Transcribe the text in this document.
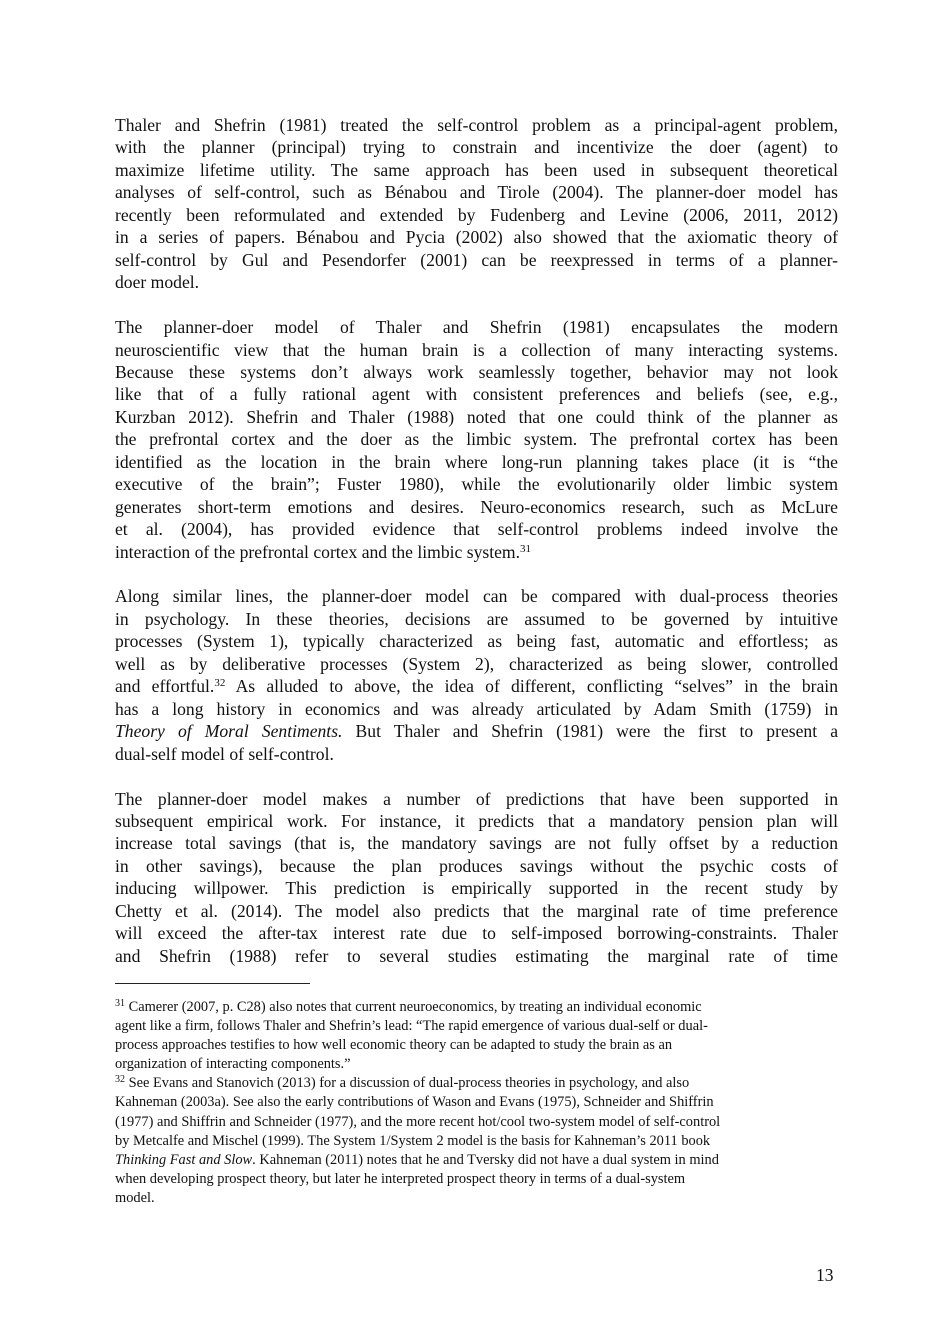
Thaler and Shefrin (1981) treated the self-control problem as a principal-agent problem,
with the planner (principal) trying to constrain and incentivize the doer (agent) to
maximize lifetime utility. The same approach has been used in subsequent theoretical
analyses of self-control, such as Bénabou and Tirole (2004). The planner-doer model has
recently been reformulated and extended by Fudenberg and Levine (2006, 2011, 2012)
in a series of papers. Bénabou and Pycia (2002) also showed that the axiomatic theory of
self-control by Gul and Pesendorfer (2001) can be reexpressed in terms of a planner-
doer model.
The planner-doer model of Thaler and Shefrin (1981) encapsulates the modern
neuroscientific view that the human brain is a collection of many interacting systems.
Because these systems don’t always work seamlessly together, behavior may not look
like that of a fully rational agent with consistent preferences and beliefs (see, e.g.,
Kurzban 2012). Shefrin and Thaler (1988) noted that one could think of the planner as
the prefrontal cortex and the doer as the limbic system. The prefrontal cortex has been
identified as the location in the brain where long-run planning takes place (it is “the
executive of the brain”; Fuster 1980), while the evolutionarily older limbic system
generates short-term emotions and desires. Neuro-economics research, such as McLure
et al. (2004), has provided evidence that self-control problems indeed involve the
interaction of the prefrontal cortex and the limbic system.$^{31}$
Along similar lines, the planner-doer model can be compared with dual-process theories
in psychology. In these theories, decisions are assumed to be governed by intuitive
processes (System 1), typically characterized as being fast, automatic and effortless; as
well as by deliberative processes (System 2), characterized as being slower, controlled
and effortful.$^{32}$ As alluded to above, the idea of different, conflicting “selves” in the brain
has a long history in economics and was already articulated by Adam Smith (1759) in
Theory of Moral Sentiments. But Thaler and Shefrin (1981) were the first to present a
dual-self model of self-control.
The planner-doer model makes a number of predictions that have been supported in
subsequent empirical work. For instance, it predicts that a mandatory pension plan will
increase total savings (that is, the mandatory savings are not fully offset by a reduction
in other savings), because the plan produces savings without the psychic costs of
inducing willpower. This prediction is empirically supported in the recent study by
Chetty et al. (2014). The model also predicts that the marginal rate of time preference
will exceed the after-tax interest rate due to self-imposed borrowing-constraints. Thaler
and Shefrin (1988) refer to several studies estimating the marginal rate of time
$^{31}$ Camerer (2007, p. C28) also notes that current neuroeconomics, by treating an individual economic
agent like a firm, follows Thaler and Shefrin’s lead: “The rapid emergence of various dual-self or dual-
process approaches testifies to how well economic theory can be adapted to study the brain as an
organization of interacting components.”
$^{32}$ See Evans and Stanovich (2013) for a discussion of dual-process theories in psychology, and also
Kahneman (2003a). See also the early contributions of Wason and Evans (1975), Schneider and Shiffrin
(1977) and Shiffrin and Schneider (1977), and the more recent hot/cool two-system model of self-control
by Metcalfe and Mischel (1999). The System 1/System 2 model is the basis for Kahneman’s 2011 book
Thinking Fast and Slow. Kahneman (2011) notes that he and Tversky did not have a dual system in mind
when developing prospect theory, but later he interpreted prospect theory in terms of a dual-system
model.
13
